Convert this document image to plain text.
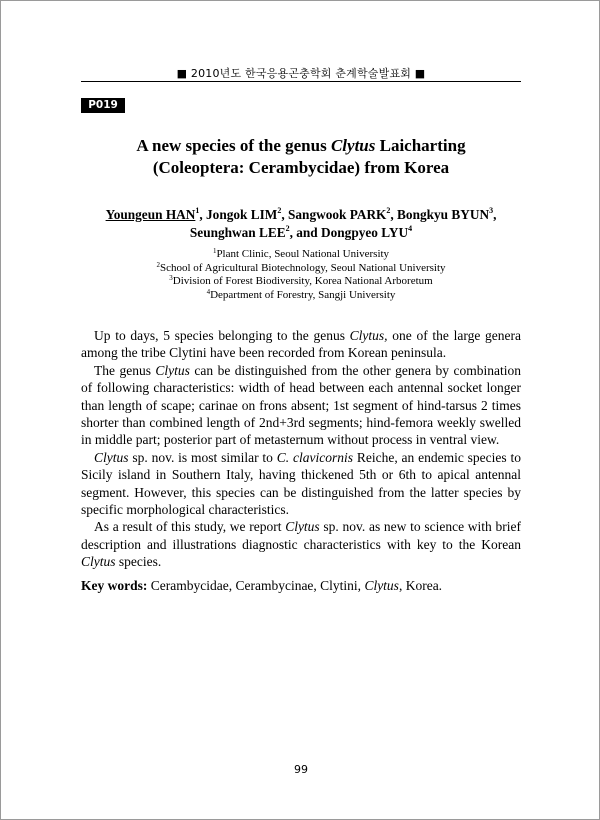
■ 2010년도 한국응용곤충학회 춘계학술발표회 ■
P019
A new species of the genus Clytus Laicharting
(Coleoptera: Cerambycidae) from Korea
Youngeun HAN$^1$, Jongok LIM$^2$, Sangwook PARK$^2$, Bongkyu BYUN$^3$,
Seunghwan LEE$^2$, and Dongpyeo LYU$^4$
$^1$Plant Clinic, Seoul National University
$^2$School of Agricultural Biotechnology, Seoul National University
$^3$Division of Forest Biodiversity, Korea National Arboretum
$^4$Department of Forestry, Sangji University

Up to days, 5 species belonging to the genus Clytus, one of the large genera among the tribe Clytini have been recorded from Korean peninsula.

The genus Clytus can be distinguished from the other genera by combination of following characteristics: width of head between each antennal socket longer than length of scape; carinae on frons absent; 1st segment of hind-tarsus 2 times shorter than combined length of 2nd+3rd segments; hind-femora weekly swelled in middle part; posterior part of metasternum without process in ventral view.

Clytus sp. nov. is most similar to C. clavicornis Reiche, an endemic species to Sicily island in Southern Italy, having thickened 5th or 6th to apical antennal segment. However, this species can be distinguished from the latter species by specific morphological characteristics.

As a result of this study, we report Clytus sp. nov. as new to science with brief description and illustrations diagnostic characteristics with key to the Korean Clytus species.

Key words: Cerambycidae, Cerambycinae, Clytini, Clytus, Korea.
99
